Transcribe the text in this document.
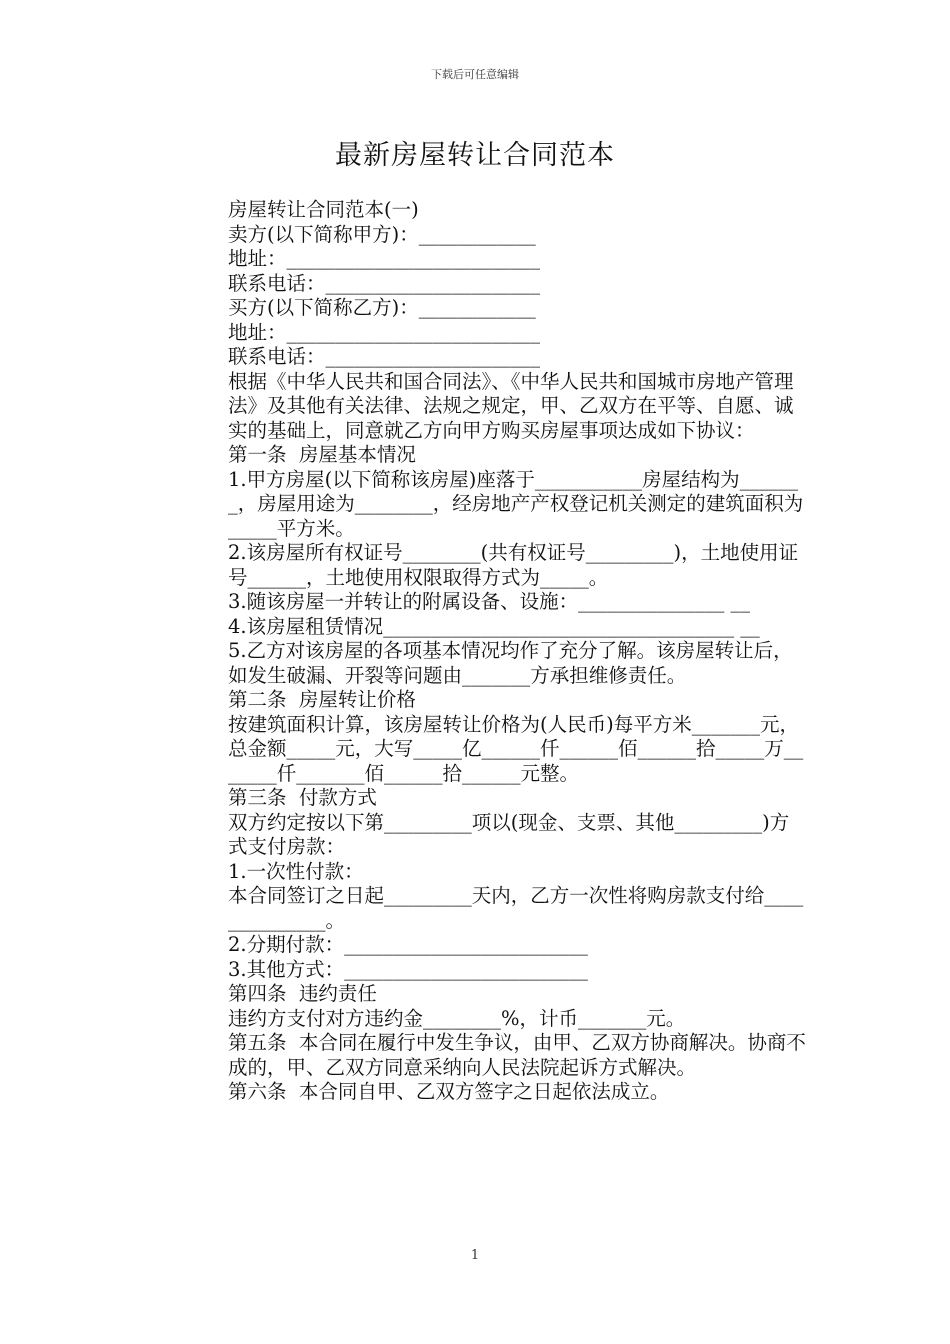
下载后可任意编辑
最新房屋转让合同范本

房屋转让合同范本(一)

卖方(以下简称甲方)：____________

地址：__________________________

联系电话：______________________

买方(以下简称乙方)：____________

地址：__________________________

联系电话：______________________

根据《中华人民共和国合同法》、《中华人民共和国城市房地产管理法》及其他有关法律、法规之规定，甲、乙双方在平等、自愿、诚实的基础上，同意就乙方向甲方购买房屋事项达成如下协议：

第一条  房屋基本情况

1.甲方房屋(以下简称该房屋)座落于___________房屋结构为_______，房屋用途为________，经房地产产权登记机关测定的建筑面积为_____平方米。

2.该房屋所有权证号________(共有权证号_________)，土地使用证号______，土地使用权限取得方式为_____。

3.随该房屋一并转让的附属设备、设施：_______________ __

4.该房屋租赁情况____________________________________ __

5.乙方对该房屋的各项基本情况均作了充分了解。该房屋转让后，如发生破漏、开裂等问题由_______方承担维修责任。

第二条  房屋转让价格

按建筑面积计算，该房屋转让价格为(人民币)每平方米_______元，总金额_____元，大写_____亿______仟______佰______拾_____万_______仟_______佰______拾______元整。

第三条  付款方式

双方约定按以下第_________项以(现金、支票、其他_________)方式支付房款：

1.一次性付款：

本合同签订之日起_________天内，乙方一次性将购房款支付给______________。

2.分期付款：_________________________

3.其他方式：_________________________

第四条  违约责任

违约方支付对方违约金________%，计币_______元。

第五条  本合同在履行中发生争议，由甲、乙双方协商解决。协商不成的，甲、乙双方同意采纳向人民法院起诉方式解决。

第六条  本合同自甲、乙双方签字之日起依法成立。

1
